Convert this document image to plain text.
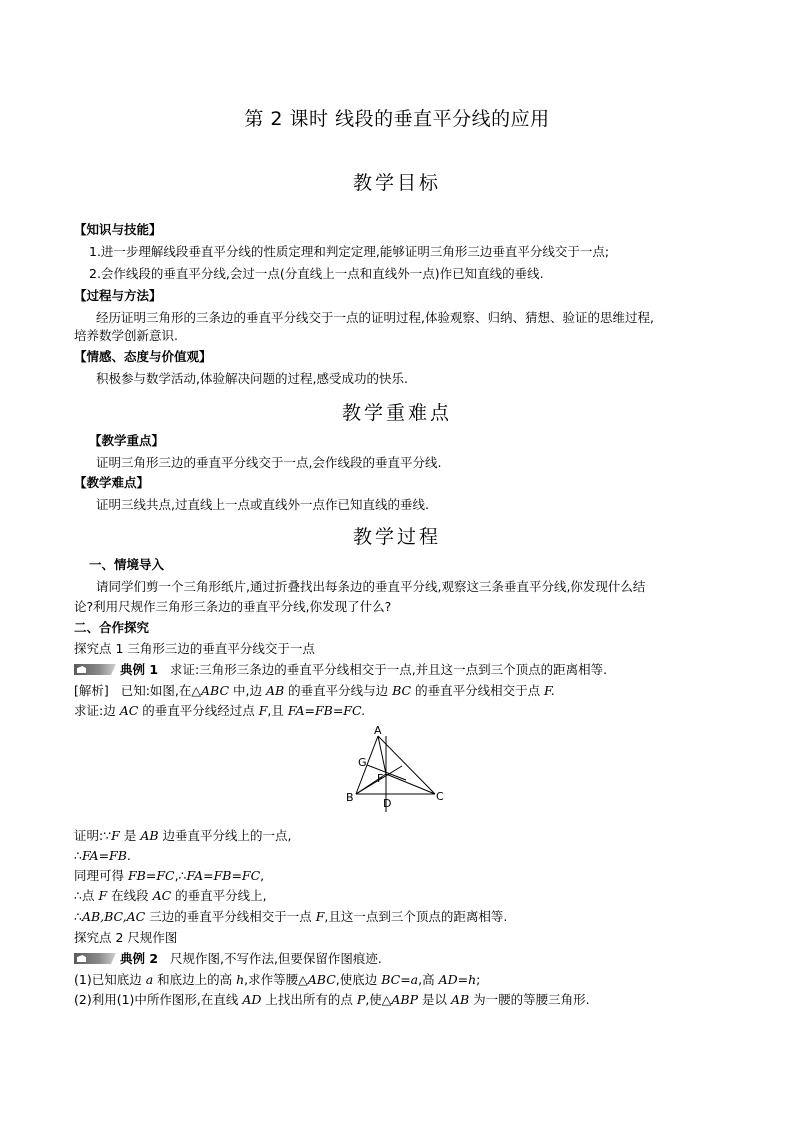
第 2 课时 线段的垂直平分线的应用
教学目标
【知识与技能】
1.进一步理解线段垂直平分线的性质定理和判定定理,能够证明三角形三边垂直平分线交于一点;
2.会作线段的垂直平分线,会过一点(分直线上一点和直线外一点)作已知直线的垂线.
【过程与方法】
经历证明三角形的三条边的垂直平分线交于一点的证明过程,体验观察、归纳、猜想、验证的思维过程,
培养数学创新意识.
【情感、态度与价值观】
积极参与数学活动,体验解决问题的过程,感受成功的快乐.
教学重难点
【教学重点】
证明三角形三边的垂直平分线交于一点,会作线段的垂直平分线.
【教学难点】
证明三线共点,过直线上一点或直线外一点作已知直线的垂线.
教学过程
一、情境导入
请同学们剪一个三角形纸片,通过折叠找出每条边的垂直平分线,观察这三条垂直平分线,你发现什么结
论?利用尺规作三角形三条边的垂直平分线,你发现了什么?
二、合作探究
探究点 1 三角形三边的垂直平分线交于一点
典例 1 求证:三角形三条边的垂直平分线相交于一点,并且这一点到三个顶点的距离相等.
[解析] 已知:如图,在△ABC 中,边 AB 的垂直平分线与边 BC 的垂直平分线相交于点 F.
求证:边 AC 的垂直平分线经过点 F,且 FA=FB=FC.
A
G
F
B	D
C
证明:∵F 是 AB 边垂直平分线上的一点,
∴FA=FB.
同理可得 FB=FC,∴FA=FB=FC,
∴点 F 在线段 AC 的垂直平分线上,
∴AB,BC,AC 三边的垂直平分线相交于一点 F,且这一点到三个顶点的距离相等.
探究点 2 尺规作图
典例 2 尺规作图,不写作法,但要保留作图痕迹.
(1)已知底边 a 和底边上的高 h,求作等腰△ABC,使底边 BC=a,高 AD=h;
(2)利用(1)中所作图形,在直线 AD 上找出所有的点 P,使△ABP 是以 AB 为一腰的等腰三角形.
